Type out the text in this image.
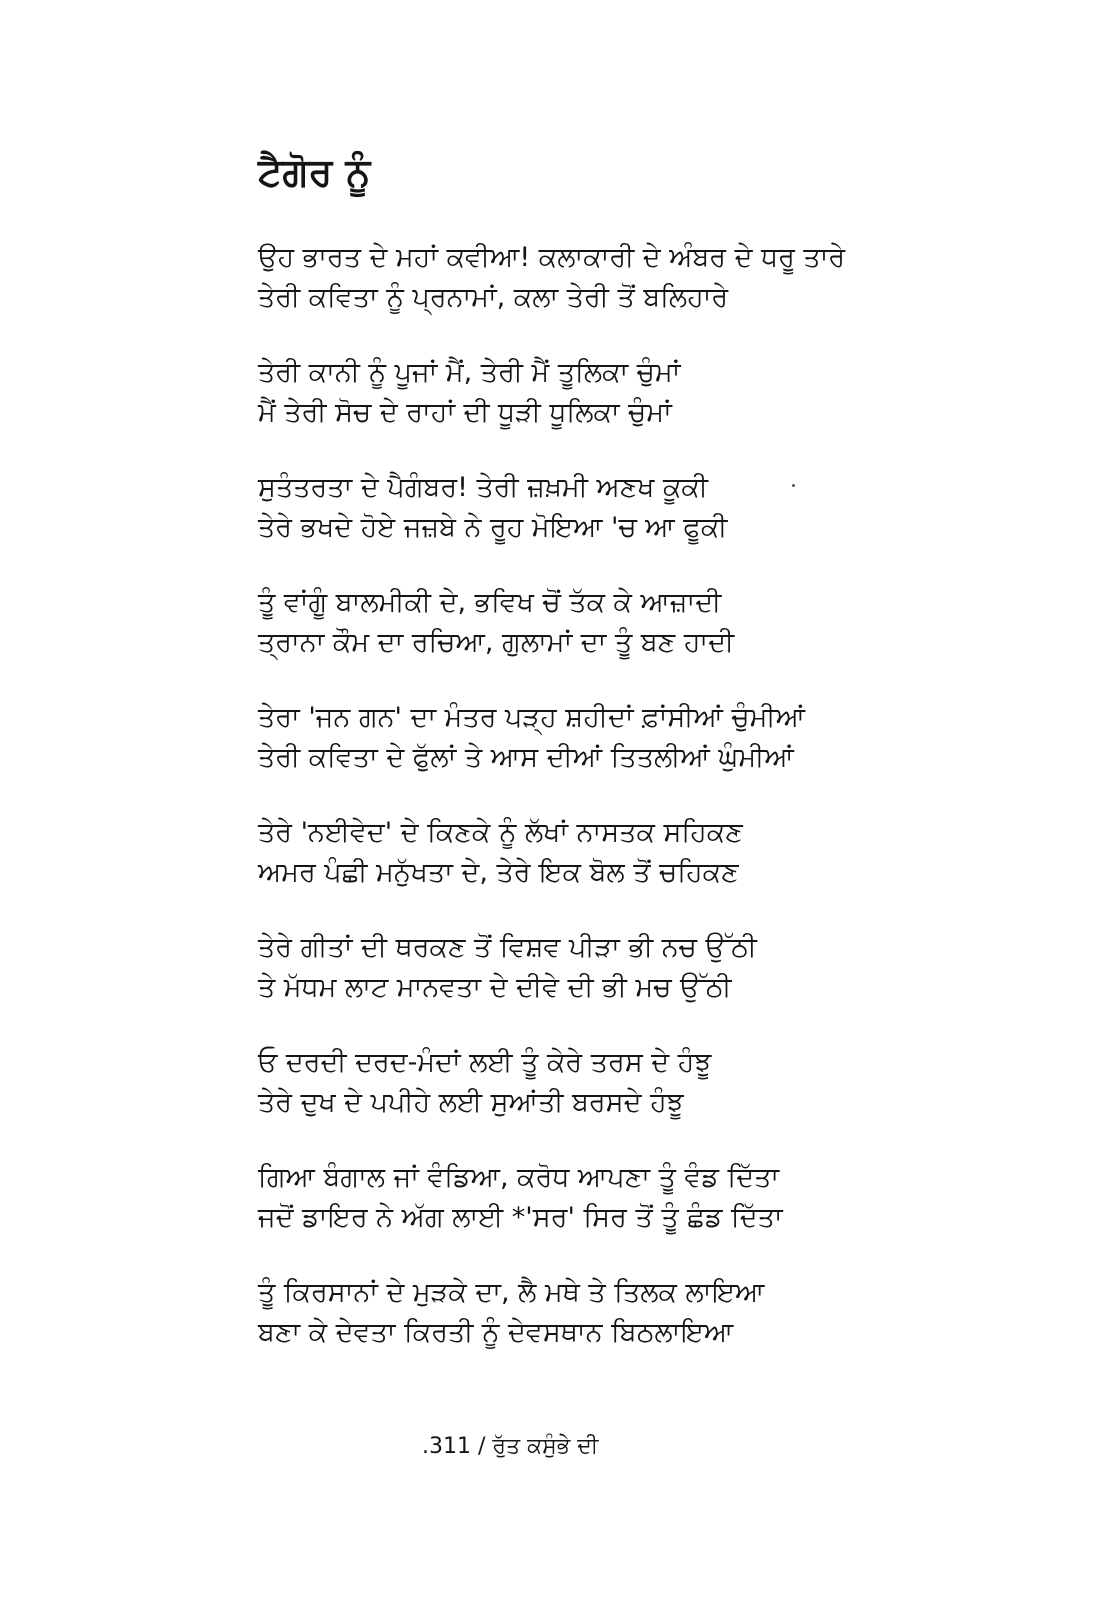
ਟੈਗੋਰ ਨੂੰ
ਉਹ ਭਾਰਤ ਦੇ ਮਹਾਂ ਕਵੀਆ! ਕਲਾਕਾਰੀ ਦੇ ਅੰਬਰ ਦੇ ਧਰੂ ਤਾਰੇ
ਤੇਰੀ ਕਵਿਤਾ ਨੂੰ ਪ੍ਰਨਾਮਾਂ, ਕਲਾ ਤੇਰੀ ਤੋਂ ਬਲਿਹਾਰੇ
ਤੇਰੀ ਕਾਨੀ ਨੂੰ ਪੂਜਾਂ ਮੈਂ, ਤੇਰੀ ਮੈਂ ਤੂਲਿਕਾ ਚੁੰਮਾਂ
ਮੈਂ ਤੇਰੀ ਸੋਚ ਦੇ ਰਾਹਾਂ ਦੀ ਧੂੜੀ ਧੂਲਿਕਾ ਚੁੰਮਾਂ
ਸੁਤੰਤਰਤਾ ਦੇ ਪੈਗੰਬਰ! ਤੇਰੀ ਜ਼ਖ਼ਮੀ ਅਣਖ ਕੂਕੀ
ਤੇਰੇ ਭਖਦੇ ਹੋਏ ਜਜ਼ਬੇ ਨੇ ਰੂਹ ਮੋਇਆ 'ਚ ਆ ਫੂਕੀ
ਤੂੰ ਵਾਂਗੂੰ ਬਾਲਮੀਕੀ ਦੇ, ਭਵਿਖ ਚੋਂ ਤੱਕ ਕੇ ਆਜ਼ਾਦੀ
ਤ੍ਰਾਨਾ ਕੌਮ ਦਾ ਰਚਿਆ, ਗੁਲਾਮਾਂ ਦਾ ਤੂੰ ਬਣ ਹਾਦੀ
ਤੇਰਾ 'ਜਨ ਗਨ' ਦਾ ਮੰਤਰ ਪੜ੍ਹ ਸ਼ਹੀਦਾਂ ਫ਼ਾਂਸੀਆਂ ਚੁੰਮੀਆਂ
ਤੇਰੀ ਕਵਿਤਾ ਦੇ ਫੁੱਲਾਂ ਤੇ ਆਸ ਦੀਆਂ ਤਿਤਲੀਆਂ ਘੁੰਮੀਆਂ
ਤੇਰੇ 'ਨਈਵੇਦ' ਦੇ ਕਿਣਕੇ ਨੂੰ ਲੱਖਾਂ ਨਾਸਤਕ ਸਹਿਕਣ
ਅਮਰ ਪੰਛੀ ਮਨੁੱਖਤਾ ਦੇ, ਤੇਰੇ ਇਕ ਬੋਲ ਤੋਂ ਚਹਿਕਣ
ਤੇਰੇ ਗੀਤਾਂ ਦੀ ਥਰਕਣ ਤੋਂ ਵਿਸ਼ਵ ਪੀੜਾ ਭੀ ਨਚ ਉੱਠੀ
ਤੇ ਮੱਧਮ ਲਾਟ ਮਾਨਵਤਾ ਦੇ ਦੀਵੇ ਦੀ ਭੀ ਮਚ ਉੱਠੀ
ਓ ਦਰਦੀ ਦਰਦ-ਮੰਦਾਂ ਲਈ ਤੂੰ ਕੇਰੇ ਤਰਸ ਦੇ ਹੰਝੂ
ਤੇਰੇ ਦੁਖ ਦੇ ਪਪੀਹੇ ਲਈ ਸੁਆਂਤੀ ਬਰਸਦੇ ਹੰਝੂ
ਗਿਆ ਬੰਗਾਲ ਜਾਂ ਵੰਡਿਆ, ਕਰੋਧ ਆਪਣਾ ਤੂੰ ਵੰਡ ਦਿੱਤਾ
ਜਦੋਂ ਡਾਇਰ ਨੇ ਅੱਗ ਲਾਈ *'ਸਰ' ਸਿਰ ਤੋਂ ਤੂੰ ਛੰਡ ਦਿੱਤਾ
ਤੂੰ ਕਿਰਸਾਨਾਂ ਦੇ ਮੁੜਕੇ ਦਾ, ਲੈ ਮਥੇ ਤੇ ਤਿਲਕ ਲਾਇਆ
ਬਣਾ ਕੇ ਦੇਵਤਾ ਕਿਰਤੀ ਨੂੰ ਦੇਵਸਥਾਨ ਬਿਠਲਾਇਆ
.311 / ਰੁੱਤ ਕਸੁੰਭੇ ਦੀ
